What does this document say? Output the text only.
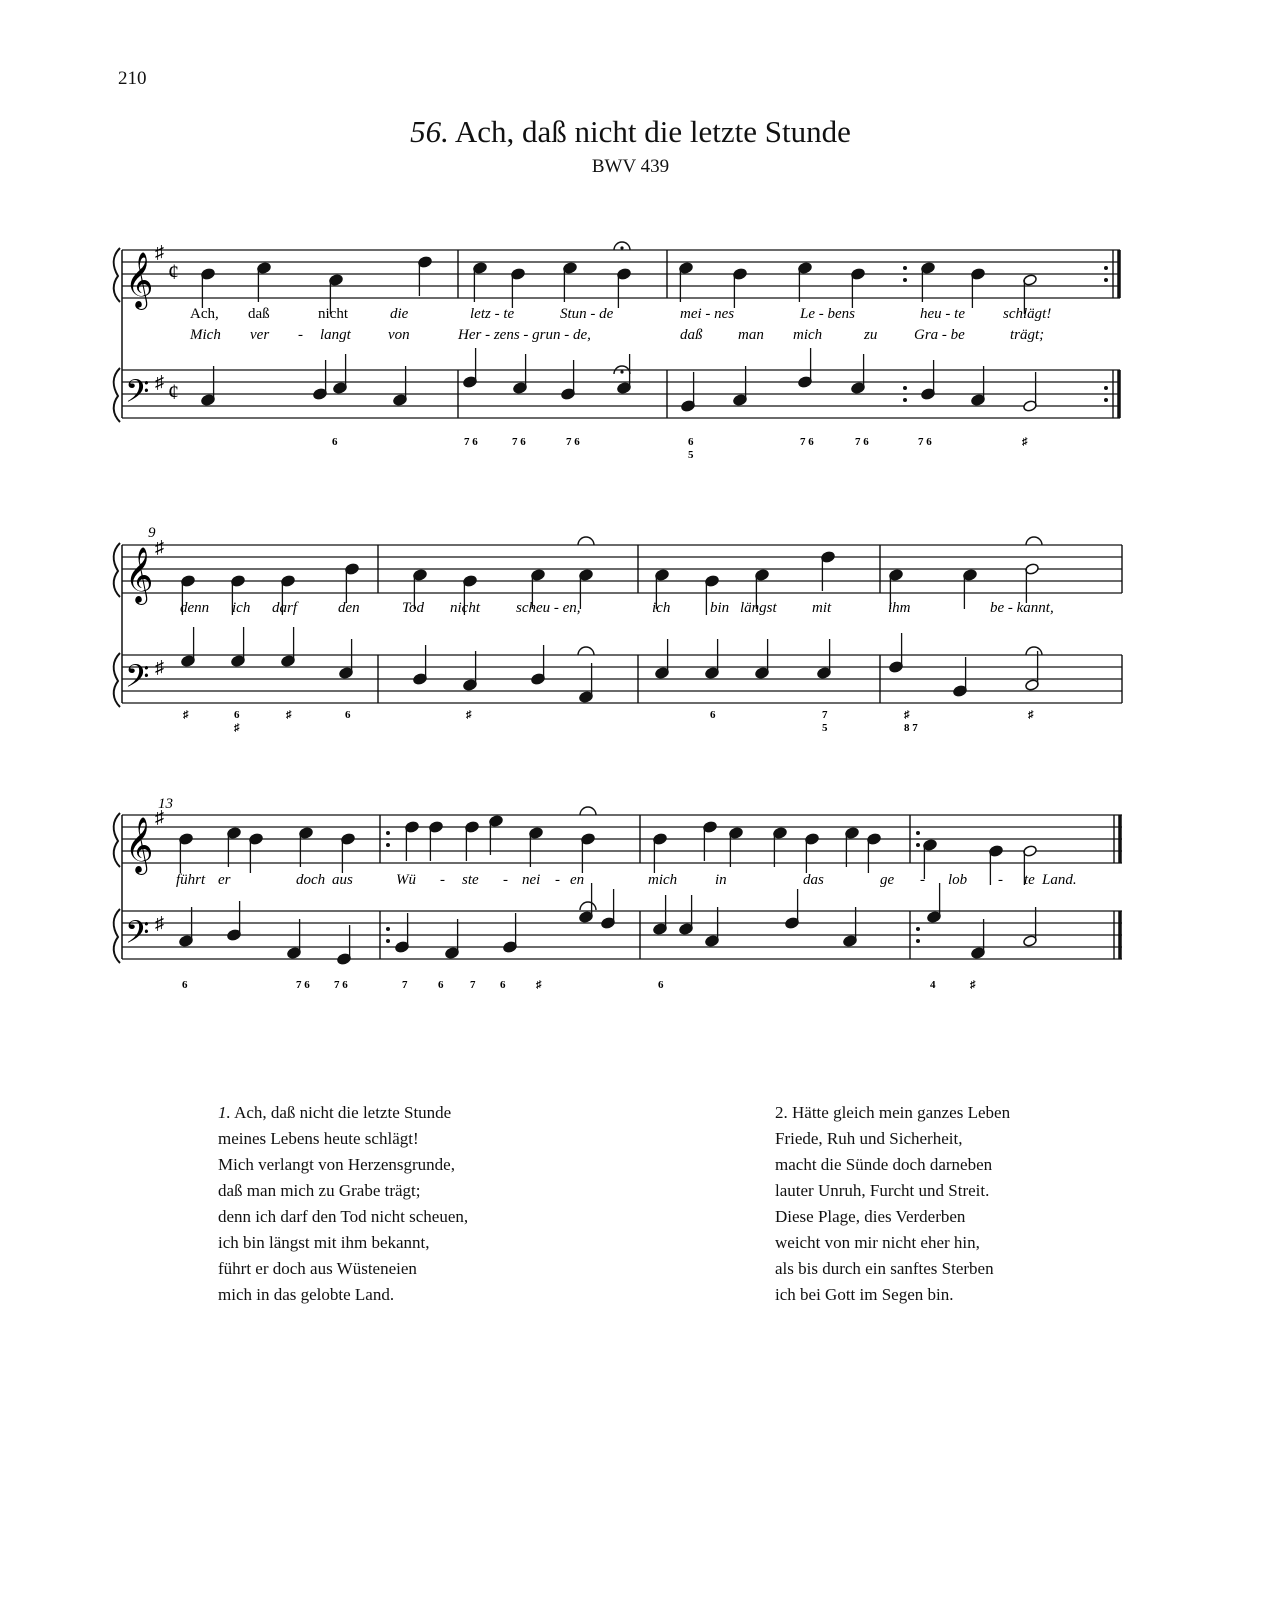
210
56. Ach, daß nicht die letzte Stunde
BWV 439
𝄞
𝄢
♯
♯
¢
¢
Ach, daß	nicht	die	letz - te	Stun - de	mei - nes	Le - bens	heu - te	schlägt!
Mich ver - langt von	Her - zens - grun - de,	daß man mich	zu Gra - be	trägt;
6	7 6	7 6	7 6	6
5
7 6	7 6	7 6	♯
9
𝄞
𝄢
♯
♯
denn ich darf	den	Tod nicht scheu - en,	ich	bin längst mit	ihm	be - kannt,
♯	6
♯
♯	6	♯	6	7
5
♯
8 7
♯
13
𝄞
𝄢
♯
♯
führt er	doch aus	Wü - ste - nei - en	mich	in	das	ge - lob - te Land.
6	7 6 7 6	7	6 7 6	♯	6	4	♯
1. Ach, daß nicht die letzte Stunde
meines Lebens heute schlägt!
Mich verlangt von Herzensgrunde,
daß man mich zu Grabe trägt;
denn ich darf den Tod nicht scheuen,
ich bin längst mit ihm bekannt,
führt er doch aus Wüsteneien
mich in das gelobte Land.
2. Hätte gleich mein ganzes Leben
Friede, Ruh und Sicherheit,
macht die Sünde doch darneben
lauter Unruh, Furcht und Streit.
Diese Plage, dies Verderben
weicht von mir nicht eher hin,
als bis durch ein sanftes Sterben
ich bei Gott im Segen bin.
